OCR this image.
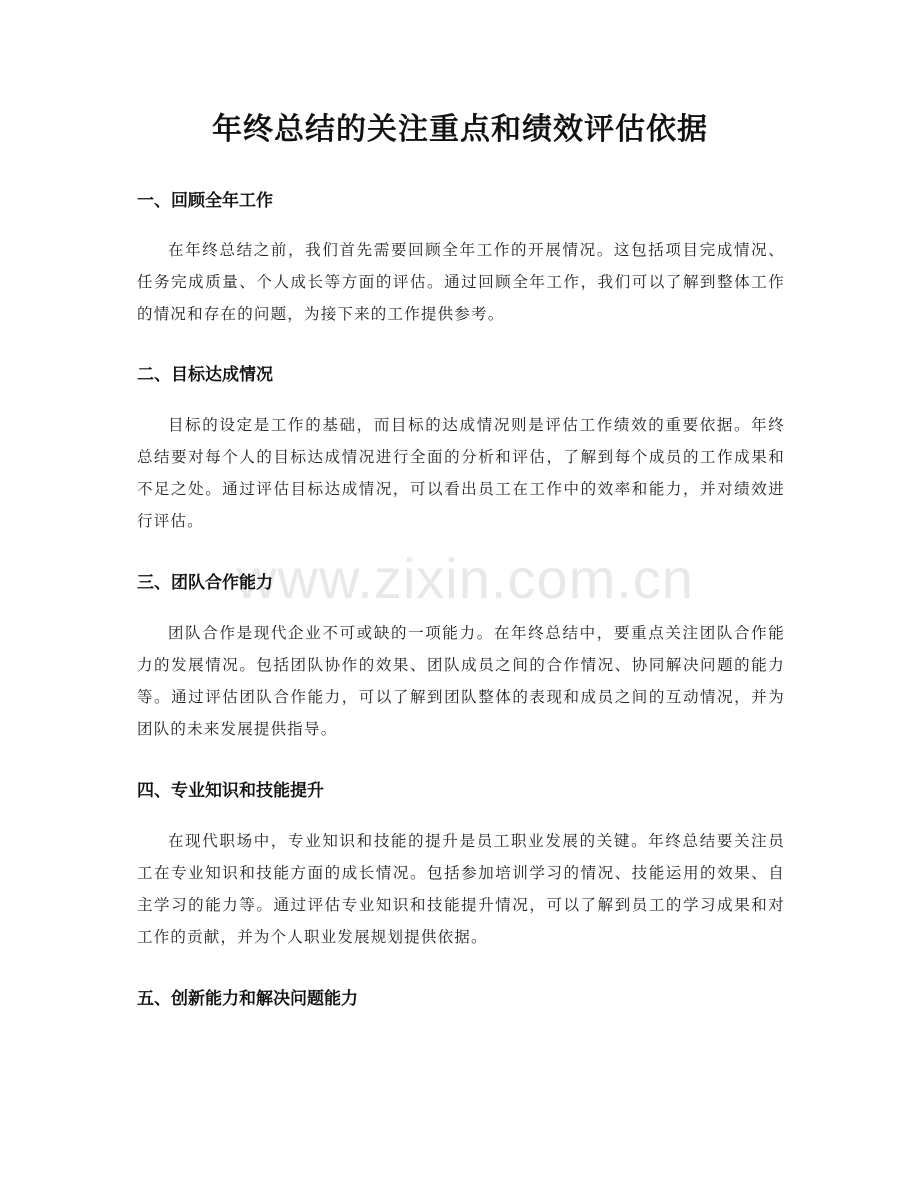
年终总结的关注重点和绩效评估依据
www.zixin.com.cn
一、回顾全年工作

在年终总结之前，我们首先需要回顾全年工作的开展情况。这包括项目完成情况、任务完成质量、个人成长等方面的评估。通过回顾全年工作，我们可以了解到整体工作的情况和存在的问题，为接下来的工作提供参考。

二、目标达成情况

目标的设定是工作的基础，而目标的达成情况则是评估工作绩效的重要依据。年终总结要对每个人的目标达成情况进行全面的分析和评估，了解到每个成员的工作成果和不足之处。通过评估目标达成情况，可以看出员工在工作中的效率和能力，并对绩效进行评估。

三、团队合作能力

团队合作是现代企业不可或缺的一项能力。在年终总结中，要重点关注团队合作能力的发展情况。包括团队协作的效果、团队成员之间的合作情况、协同解决问题的能力等。通过评估团队合作能力，可以了解到团队整体的表现和成员之间的互动情况，并为团队的未来发展提供指导。

四、专业知识和技能提升

在现代职场中，专业知识和技能的提升是员工职业发展的关键。年终总结要关注员工在专业知识和技能方面的成长情况。包括参加培训学习的情况、技能运用的效果、自主学习的能力等。通过评估专业知识和技能提升情况，可以了解到员工的学习成果和对工作的贡献，并为个人职业发展规划提供依据。

五、创新能力和解决问题能力
